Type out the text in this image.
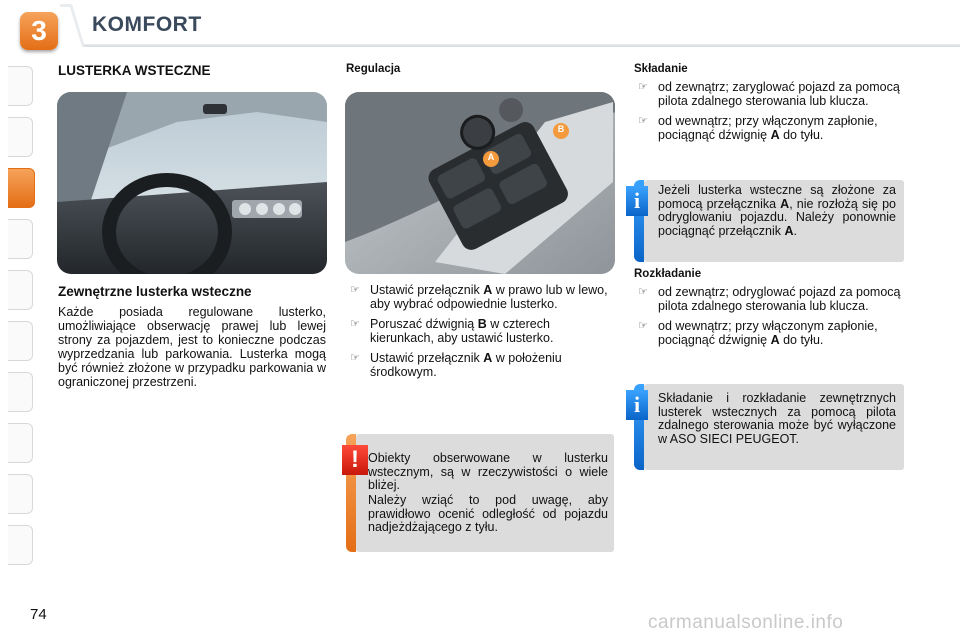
3	KOMFORT
LUSTERKA WSTECZNE
Zewnętrzne lusterka wsteczne

Każde posiada regulowane lusterko, umożliwiające obserwację prawej lub lewej strony za pojazdem, jest to konieczne podczas wyprzedzania lub parkowania. Lusterka mogą być również złożone w przypadku parkowania w ograniczonej przestrzeni.

Regulacja
A
B

☞ Ustawić przełącznik A w prawo lub w lewo, aby wybrać odpowiednie lusterko.

☞ Poruszać dźwignią B w czterech kierunkach, aby ustawić lusterko.

☞ Ustawić przełącznik A w położeniu środkowym.

Obiekty obserwowane w lusterku wstecznym, są w rzeczywistości o wiele bliżej.
Należy wziąć to pod uwagę, aby prawidłowo ocenić odległość od pojazdu nadjeżdżającego z tyłu.
!
Składanie

☞ od zewnątrz; zaryglować pojazd za pomocą pilota zdalnego sterowania lub klucza.

☞ od wewnątrz; przy włączonym zapłonie, pociągnąć dźwignię A do tyłu.

Jeżeli lusterka wsteczne są złożone za pomocą przełącznika A, nie rozłożą się po odryglowaniu pojazdu. Należy ponownie pociągnąć przełącznik A.
i
Rozkładanie

☞ od zewnątrz; odryglować pojazd za pomocą pilota zdalnego sterowania lub klucza.

☞ od wewnątrz; przy włączonym zapłonie, pociągnąć dźwignię A do tyłu.

Składanie i rozkładanie zewnętrznych lusterek wstecznych za pomocą pilota zdalnego sterowania może być wyłączone w ASO SIECI PEUGEOT.
i
74	carmanualsonline.info
